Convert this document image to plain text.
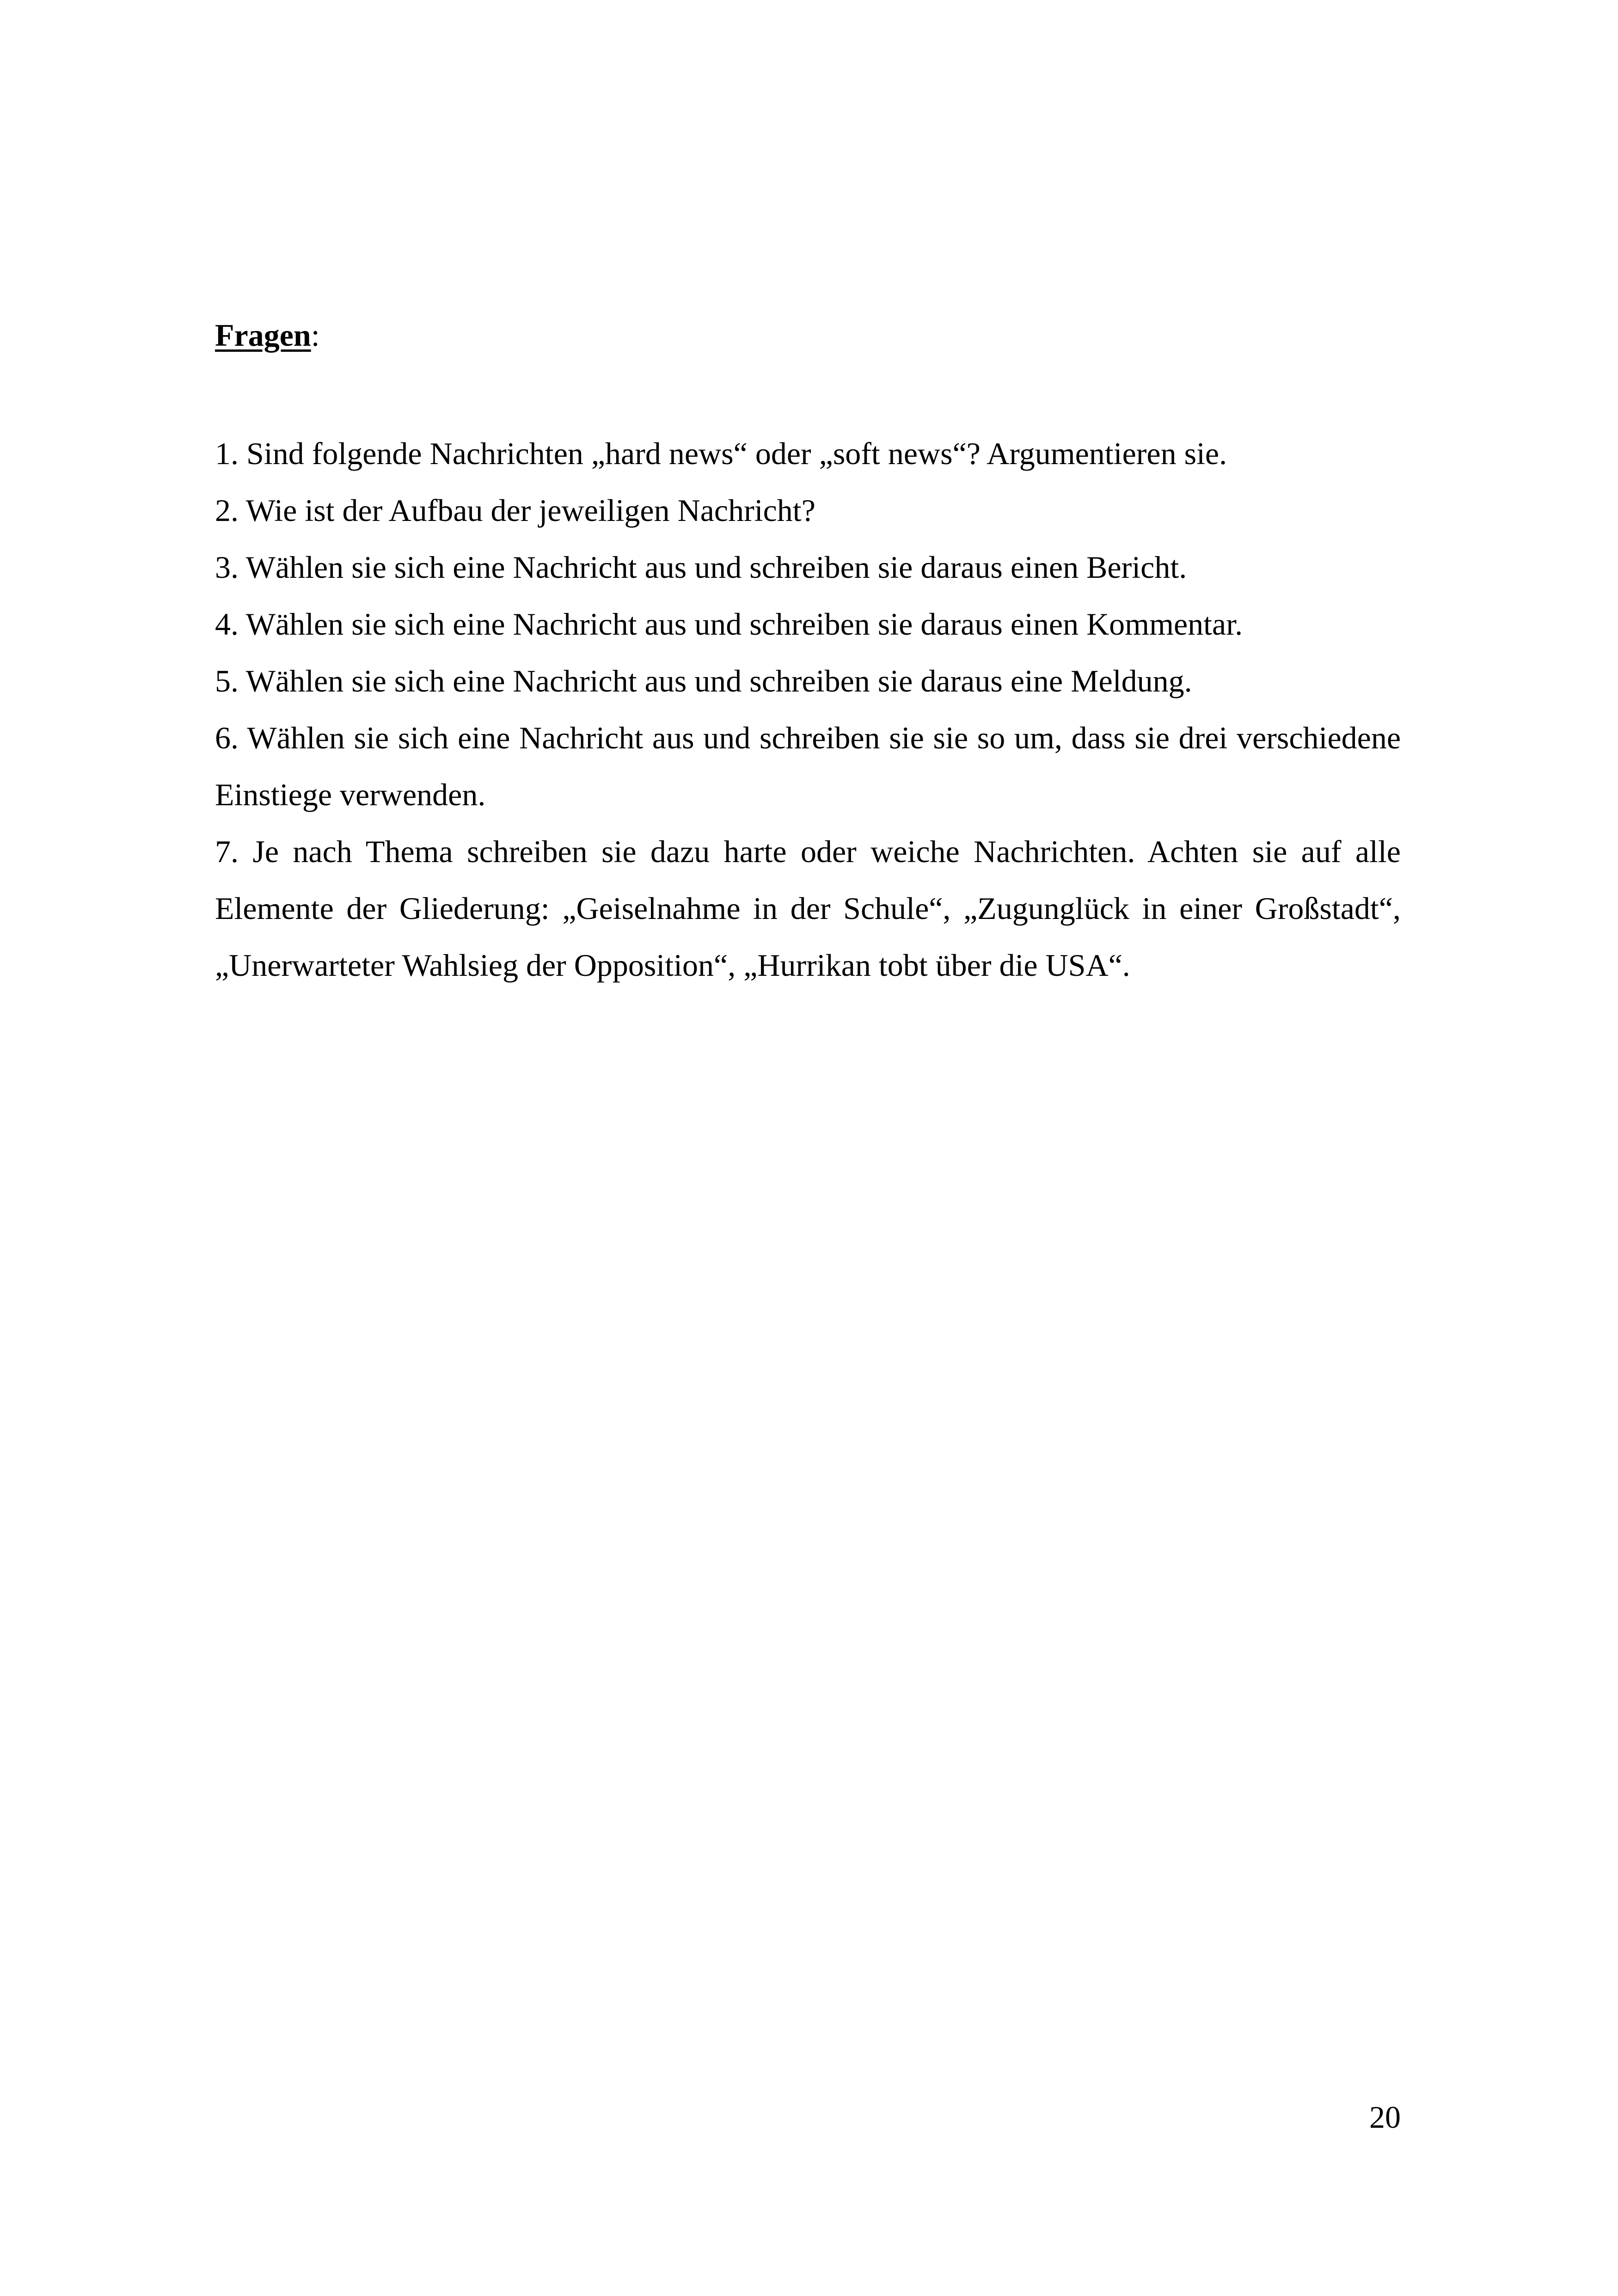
Fragen:
1. Sind folgende Nachrichten „hard news“ oder „soft news“? Argumentieren sie.
2. Wie ist der Aufbau der jeweiligen Nachricht?
3. Wählen sie sich eine Nachricht aus und schreiben sie daraus einen Bericht.
4. Wählen sie sich eine Nachricht aus und schreiben sie daraus einen Kommentar.
5. Wählen sie sich eine Nachricht aus und schreiben sie daraus eine Meldung.
6. Wählen sie sich eine Nachricht aus und schreiben sie sie so um, dass sie drei verschiedene Einstiege verwenden.
7. Je nach Thema schreiben sie dazu harte oder weiche Nachrichten. Achten sie auf alle Elemente der Gliederung: „Geiselnahme in der Schule“, „Zugunglück in einer Großstadt“, „Unerwarteter Wahlsieg der Opposition“, „Hurrikan tobt über die USA“.
20
